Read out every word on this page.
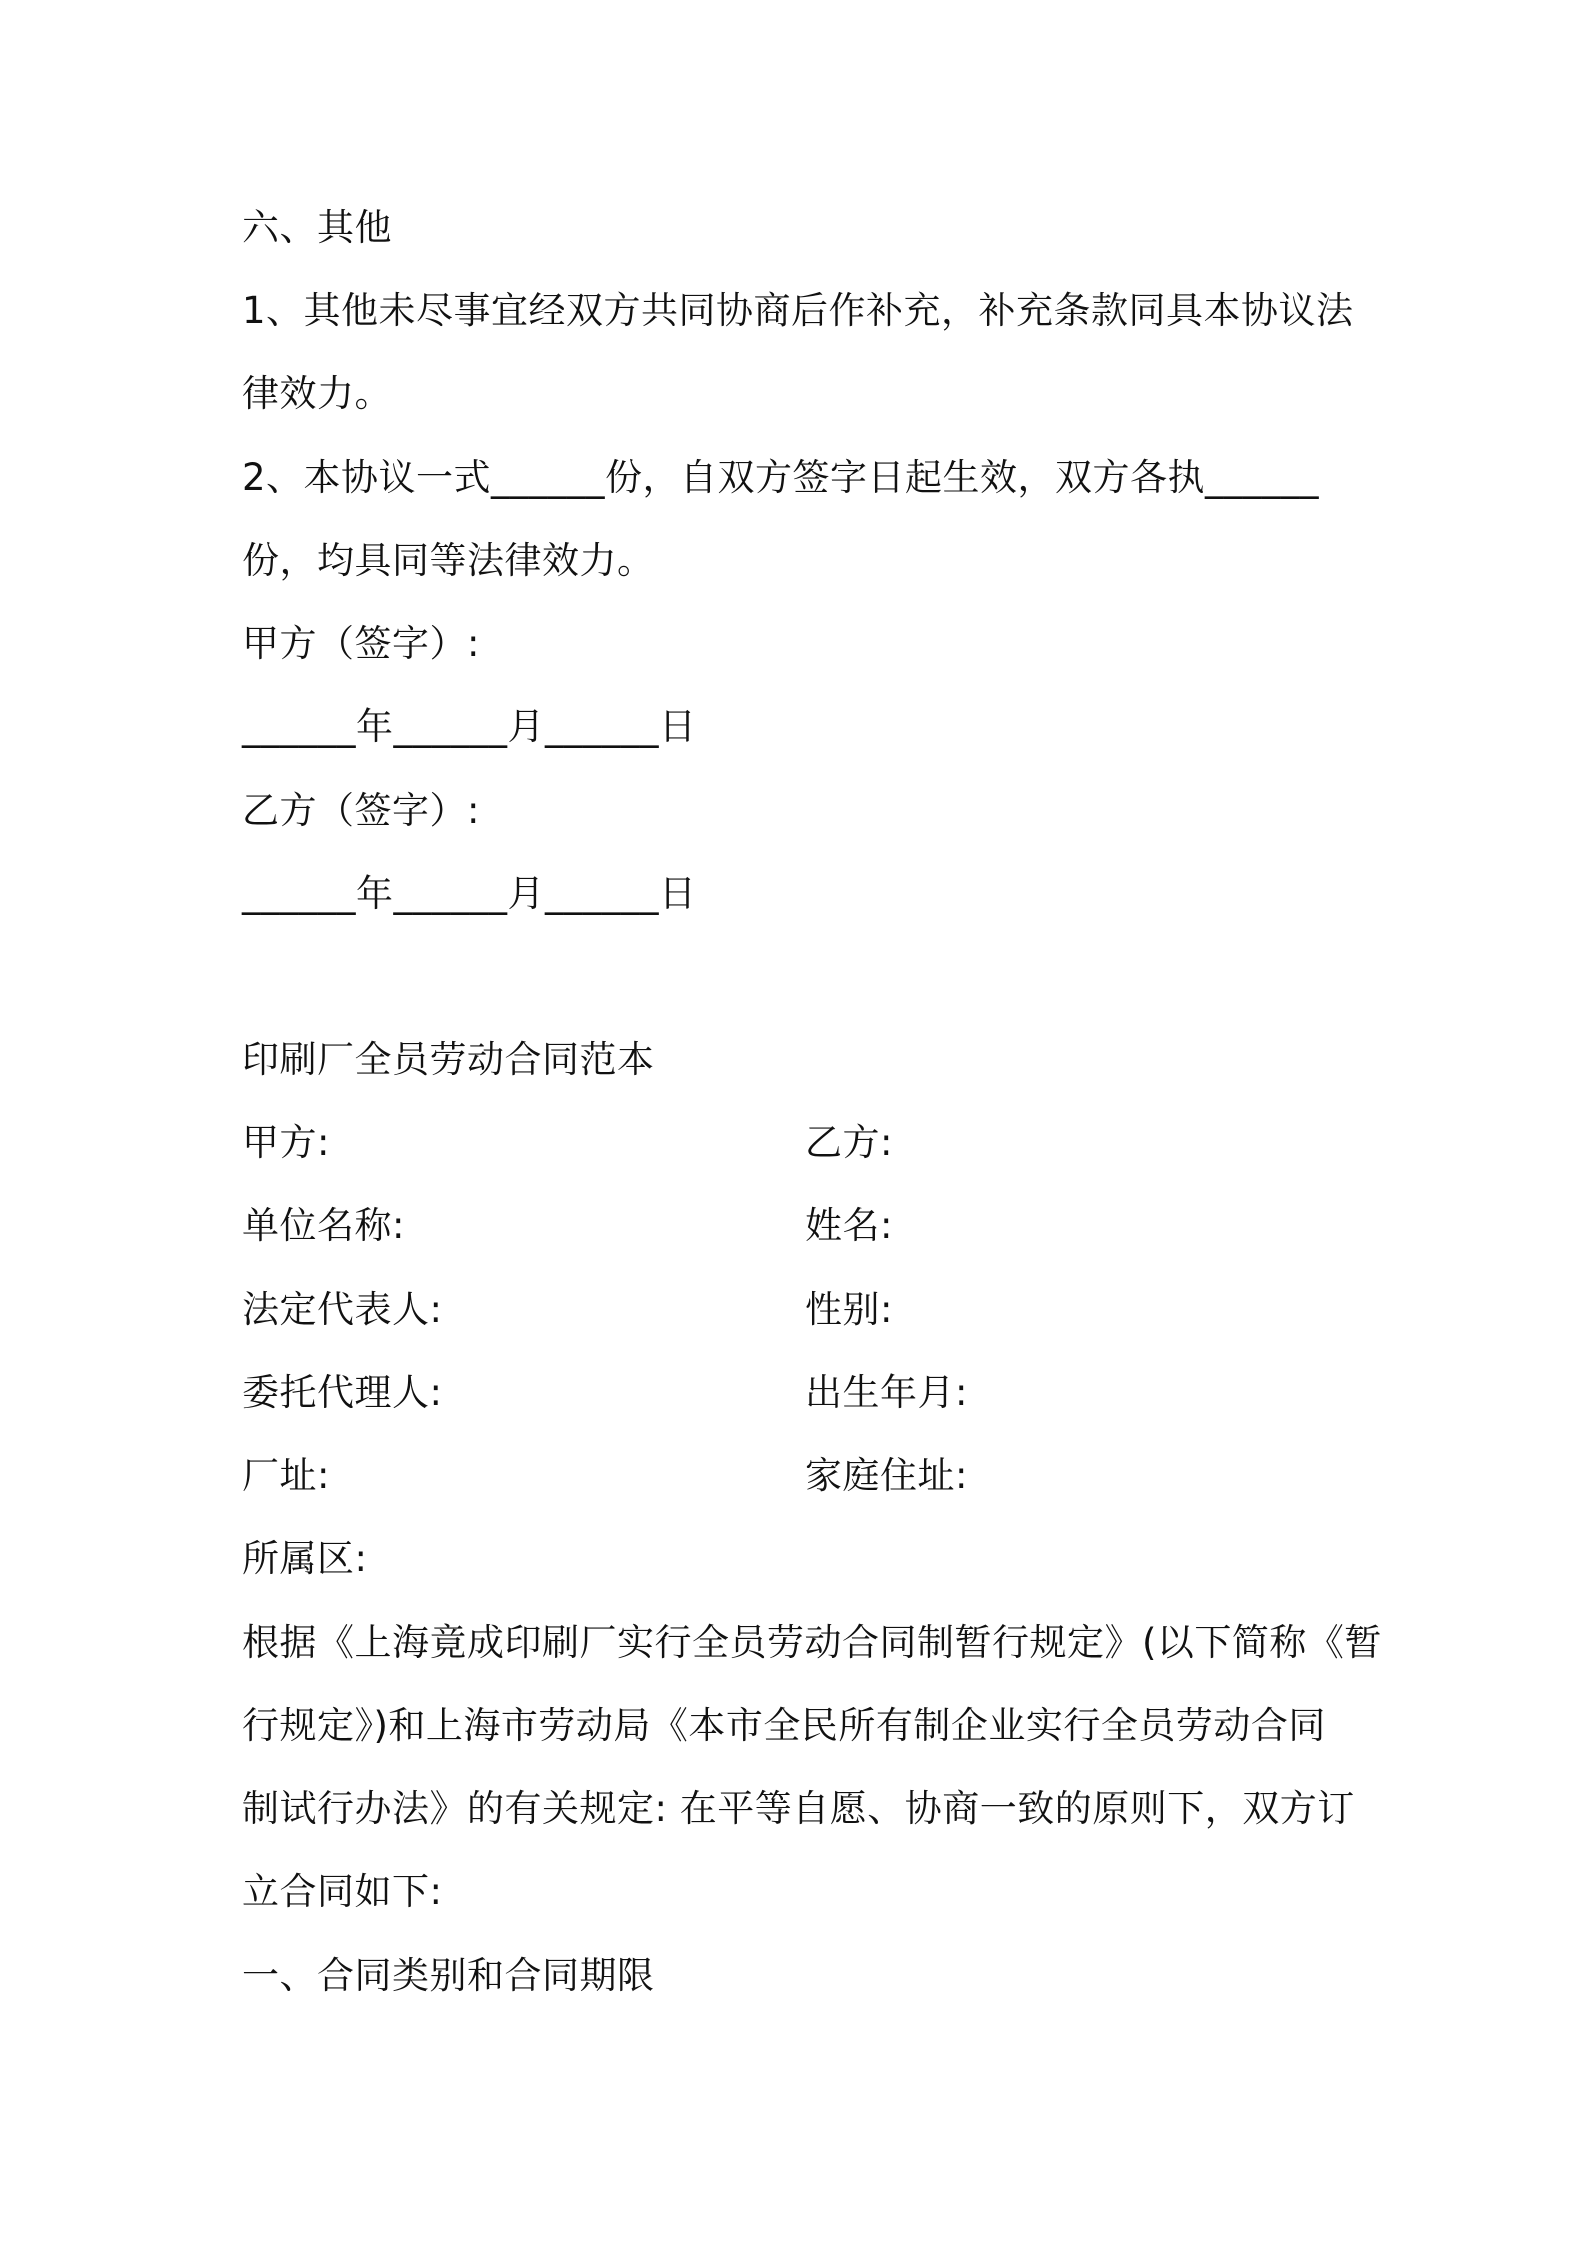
六、其他
1、其他未尽事宜经双方共同协商后作补充，补充条款同具本协议法
律效力。
2、本协议一式______份，自双方签字日起生效，双方各执______
份，均具同等法律效力。
甲方（签字）:
______年______月______日
乙方（签字）:
______年______月______日
印刷厂全员劳动合同范本
甲方:	乙方:
单位名称:	姓名:
法定代表人:	性别:
委托代理人:	出生年月:
厂址:	家庭住址:
所属区:
根据《上海竟成印刷厂实行全员劳动合同制暂行规定》(以下简称《暂
行规定》)和上海市劳动局《本市全民所有制企业实行全员劳动合同
制试行办法》的有关规定: 在平等自愿、协商一致的原则下，双方订
立合同如下:
一、合同类别和合同期限
